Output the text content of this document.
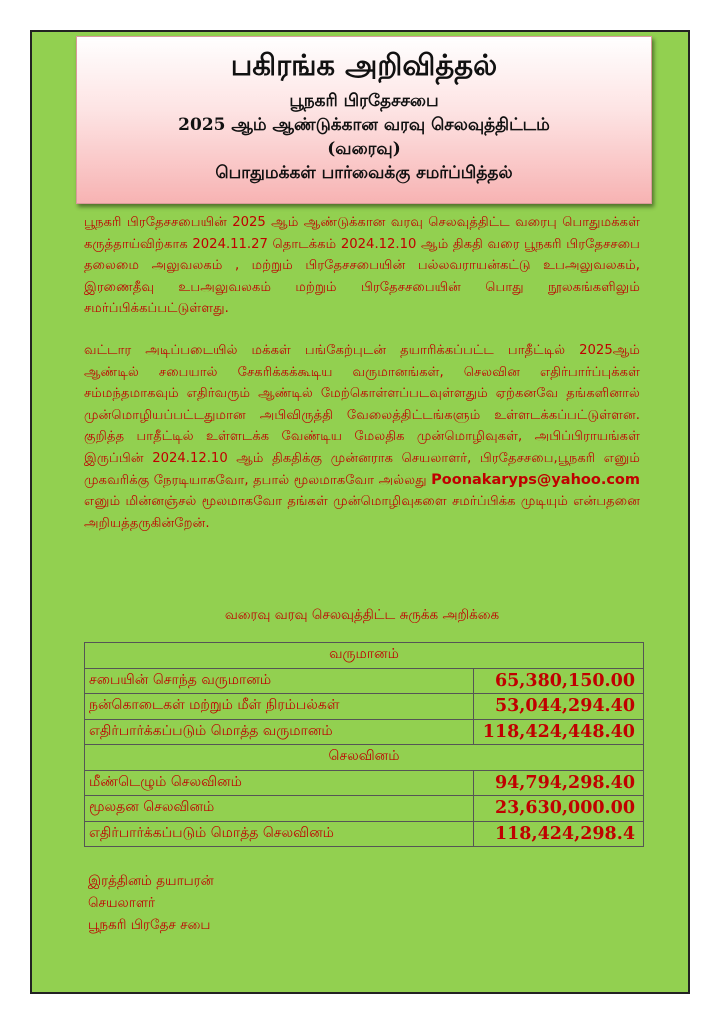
பகிரங்க அறிவித்தல்
பூநகரி பிரதேசசபை
2025 ஆம் ஆண்டுக்கான வரவு செலவுத்திட்டம்
(வரைவு)
பொதுமக்கள் பார்வைக்கு சமர்ப்பித்தல்

பூநகரி பிரதேசசபையின் 2025 ஆம் ஆண்டுக்கான வரவு செலவுத்திட்ட வரைபு பொதுமக்கள் கருத்தாய்விற்காக 2024.11.27 தொடக்கம் 2024.12.10 ஆம் திகதி வரை பூநகரி பிரதேசசபை தலைமை அலுவலகம் , மற்றும் பிரதேசசபையின் பல்லவராயன்கட்டு உபஅலுவலகம், இரணைதீவு உபஅலுவலகம் மற்றும் பிரதேசசபையின் பொது நூலகங்களிலும் சமர்ப்பிக்கப்பட்டுள்ளது.

வட்டார அடிப்படையில் மக்கள் பங்கேற்புடன் தயாரிக்கப்பட்ட பாதீட்டில் 2025ஆம் ஆண்டில் சபையால் சேகரிக்கக்கூடிய வருமானங்கள், செலவின எதிர்பார்ப்புக்கள் சம்மந்தமாகவும் எதிர்வரும் ஆண்டில் மேற்கொள்ளப்படவுள்ளதும் ஏற்கனவே தங்களினால் முன்மொழியப்பட்டதுமான அபிவிருத்தி வேலைத்திட்டங்களும் உள்ளடக்கப்பட்டுள்ளன. குறித்த பாதீட்டில் உள்ளடக்க வேண்டிய மேலதிக முன்மொழிவுகள், அபிப்பிராயங்கள் இருப்பின் 2024.12.10 ஆம் திகதிக்கு முன்னராக செயலாளர், பிரதேசசபை,பூநகரி எனும் முகவரிக்கு நேரடியாகவோ, தபால் மூலமாகவோ அல்லது Poonakaryps@yahoo.com எனும் மின்னஞ்சல் மூலமாகவோ தங்கள் முன்மொழிவுகளை சமர்ப்பிக்க முடியும் என்பதனை அறியத்தருகின்றேன்.

வரைவு வரவு செலவுத்திட்ட சுருக்க அறிக்கை
வருமானம்	
சபையின் சொந்த வருமானம்	65,380,150.00
நன்கொடைகள் மற்றும் மீள் நிரம்பல்கள்	53,044,294.40
எதிர்பார்க்கப்படும் மொத்த வருமானம்	118,424,448.40
செலவினம்	
மீண்டெழும் செலவினம்	94,794,298.40
மூலதன செலவினம்	23,630,000.00
எதிர்பார்க்கப்படும் மொத்த செலவினம்	118,424,298.4
இரத்தினம் தயாபரன்
செயலாளர்
பூநகரி பிரதேச சபை
